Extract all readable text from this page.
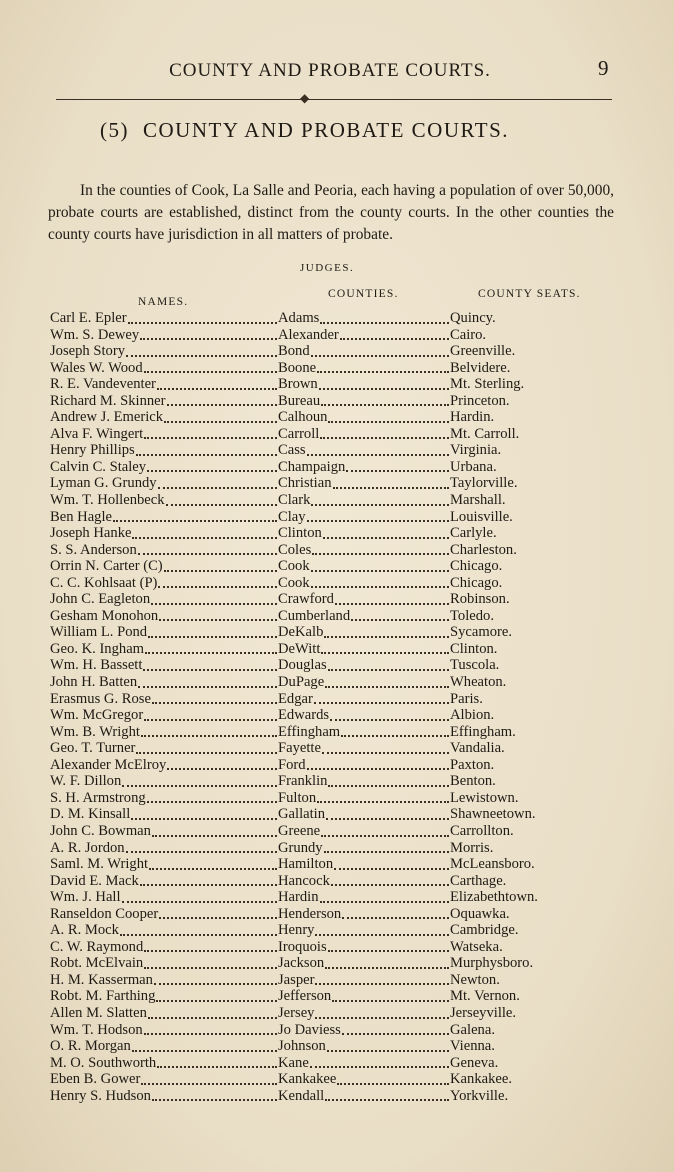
COUNTY AND PROBATE COURTS.	9
◆
(5) COUNTY AND PROBATE COURTS.

In the counties of Cook, La Salle and Peoria, each having a population of over 50,000, probate courts are established, distinct from the county courts. In the other counties the county courts have jurisdiction in all matters of probate.

JUDGES.
NAMES.
COUNTIES.	COUNTY SEATS.
Carl E. Epler	Adams	Quincy.
Wm. S. Dewey	Alexander	Cairo.
Joseph Story	Bond	Greenville.
Wales W. Wood	Boone	Belvidere.
R. E. Vandeventer	Brown	Mt. Sterling.
Richard M. Skinner	Bureau	Princeton.
Andrew J. Emerick	Calhoun	Hardin.
Alva F. Wingert	Carroll	Mt. Carroll.
Henry Phillips	Cass	Virginia.
Calvin C. Staley	Champaign	Urbana.
Lyman G. Grundy	Christian	Taylorville.
Wm. T. Hollenbeck	Clark	Marshall.
Ben Hagle	Clay	Louisville.
Joseph Hanke	Clinton	Carlyle.
S. S. Anderson	Coles	Charleston.
Orrin N. Carter (C)	Cook	Chicago.
C. C. Kohlsaat (P)	Cook	Chicago.
John C. Eagleton	Crawford	Robinson.
Gesham Monohon	Cumberland	Toledo.
William L. Pond	DeKalb	Sycamore.
Geo. K. Ingham	DeWitt	Clinton.
Wm. H. Bassett	Douglas	Tuscola.
John H. Batten	DuPage	Wheaton.
Erasmus G. Rose	Edgar	Paris.
Wm. McGregor	Edwards	Albion.
Wm. B. Wright	Effingham	Effingham.
Geo. T. Turner	Fayette	Vandalia.
Alexander McElroy	Ford	Paxton.
W. F. Dillon	Franklin	Benton.
S. H. Armstrong	Fulton	Lewistown.
D. M. Kinsall	Gallatin	Shawneetown.
John C. Bowman	Greene	Carrollton.
A. R. Jordon	Grundy	Morris.
Saml. M. Wright	Hamilton	McLeansboro.
David E. Mack	Hancock	Carthage.
Wm. J. Hall	Hardin	Elizabethtown.
Ranseldon Cooper	Henderson	Oquawka.
A. R. Mock	Henry	Cambridge.
C. W. Raymond	Iroquois	Watseka.
Robt. McElvain	Jackson	Murphysboro.
H. M. Kasserman	Jasper	Newton.
Robt. M. Farthing	Jefferson	Mt. Vernon.
Allen M. Slatten	Jersey	Jerseyville.
Wm. T. Hodson	Jo Daviess	Galena.
O. R. Morgan	Johnson	Vienna.
M. O. Southworth	Kane	Geneva.
Eben B. Gower	Kankakee	Kankakee.
Henry S. Hudson	Kendall	Yorkville.
